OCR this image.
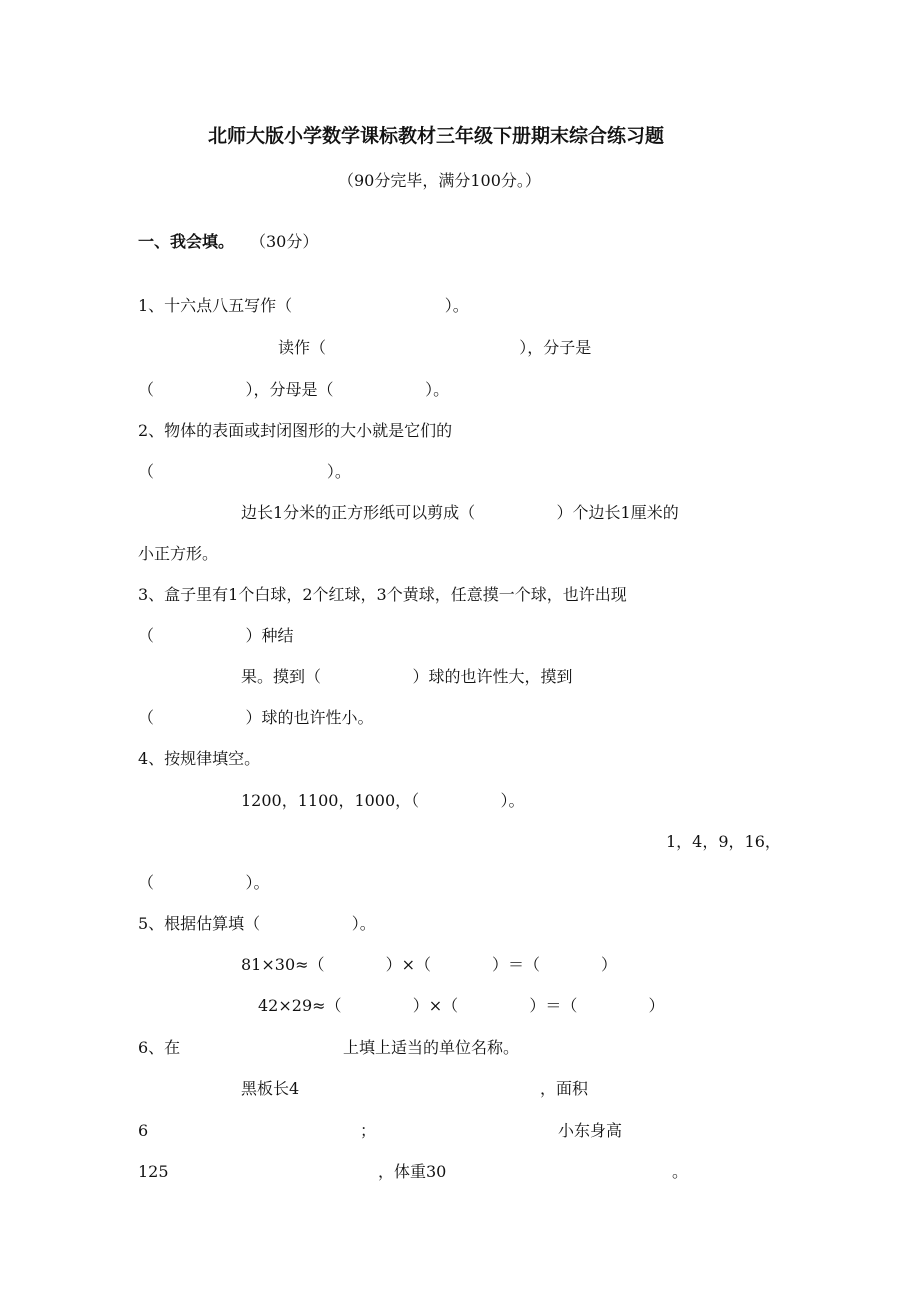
北师大版小学数学课标教材三年级下册期末综合练习题
（90分完毕，满分100分。）
一、我会填。 （30分）
1、十六点八五写作（                              ）。
读作（                                      ），分子是
（                  ），分母是（                  ）。
2、物体的表面或封闭图形的大小就是它们的
（                                  ）。
边长1分米的正方形纸可以剪成（                ）个边长1厘米的
小正方形。
3、盒子里有1个白球，2个红球，3个黄球，任意摸一个球，也许出现
（                  ）种结
果。摸到（                  ）球的也许性大，摸到
（                  ）球的也许性小。
4、按规律填空。
1200，1100，1000，（                ）。
1，4，9，16，
（                  ）。
5、根据估算填（                  ）。
81×30≈（            ）×（            ）＝（            ）
42×29≈（              ）×（              ）＝（              ）
6、在	上填上适当的单位名称。
黑板长4	，面积
6	；	小东身高
125	，体重30	。
